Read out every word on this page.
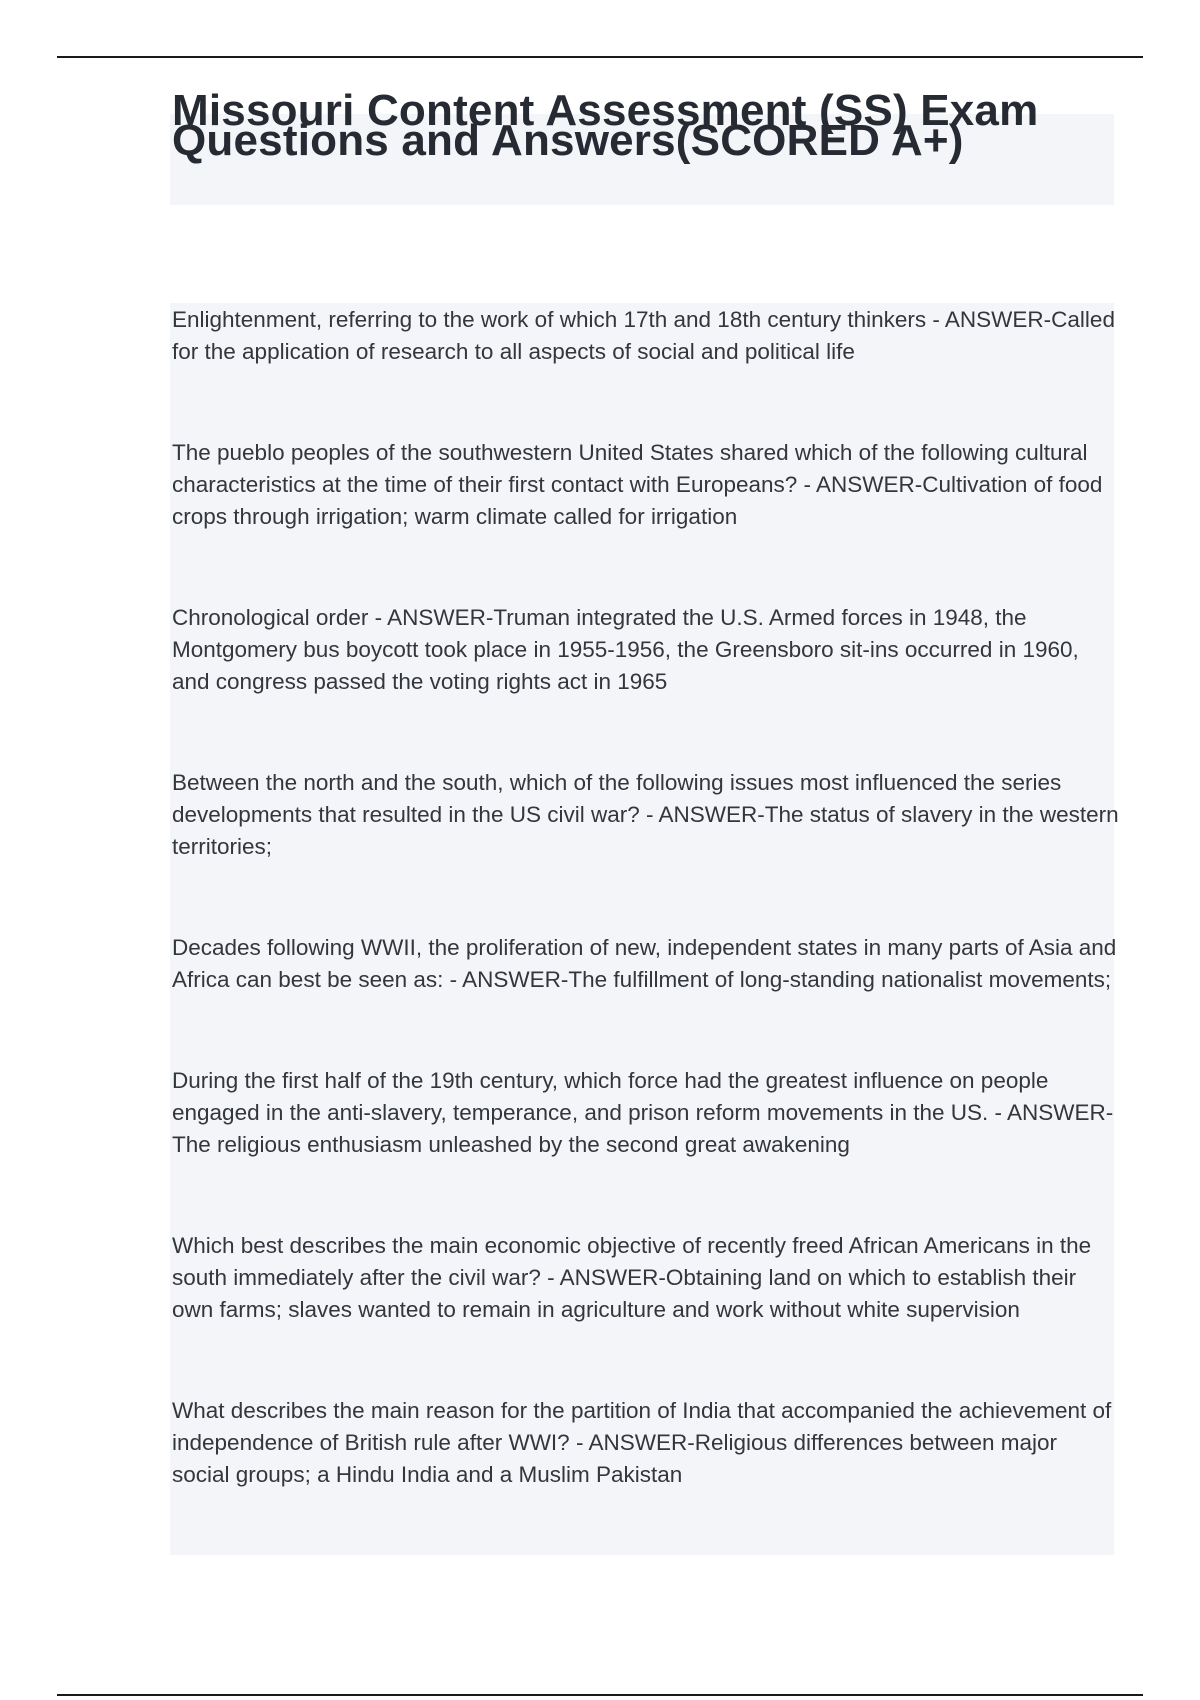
Missouri Content Assessment (SS) Exam Questions and Answers(SCORED A+)
Enlightenment, referring to the work of which 17th and 18th century thinkers - ANSWER-Called for the application of research to all aspects of social and political life
The pueblo peoples of the southwestern United States shared which of the following cultural characteristics at the time of their first contact with Europeans? - ANSWER-Cultivation of food crops through irrigation; warm climate called for irrigation
Chronological order - ANSWER-Truman integrated the U.S. Armed forces in 1948, the Montgomery bus boycott took place in 1955-1956, the Greensboro sit-ins occurred in 1960, and congress passed the voting rights act in 1965
Between the north and the south, which of the following issues most influenced the series developments that resulted in the US civil war? - ANSWER-The status of slavery in the western territories;
Decades following WWII, the proliferation of new, independent states in many parts of Asia and Africa can best be seen as: - ANSWER-The fulfillment of long-standing nationalist movements;
During the first half of the 19th century, which force had the greatest influence on people engaged in the anti-slavery, temperance, and prison reform movements in the US. - ANSWER-The religious enthusiasm unleashed by the second great awakening
Which best describes the main economic objective of recently freed African Americans in the south immediately after the civil war? - ANSWER-Obtaining land on which to establish their own farms; slaves wanted to remain in agriculture and work without white supervision
What describes the main reason for the partition of India that accompanied the achievement of independence of British rule after WWI? - ANSWER-Religious differences between major social groups; a Hindu India and a Muslim Pakistan
